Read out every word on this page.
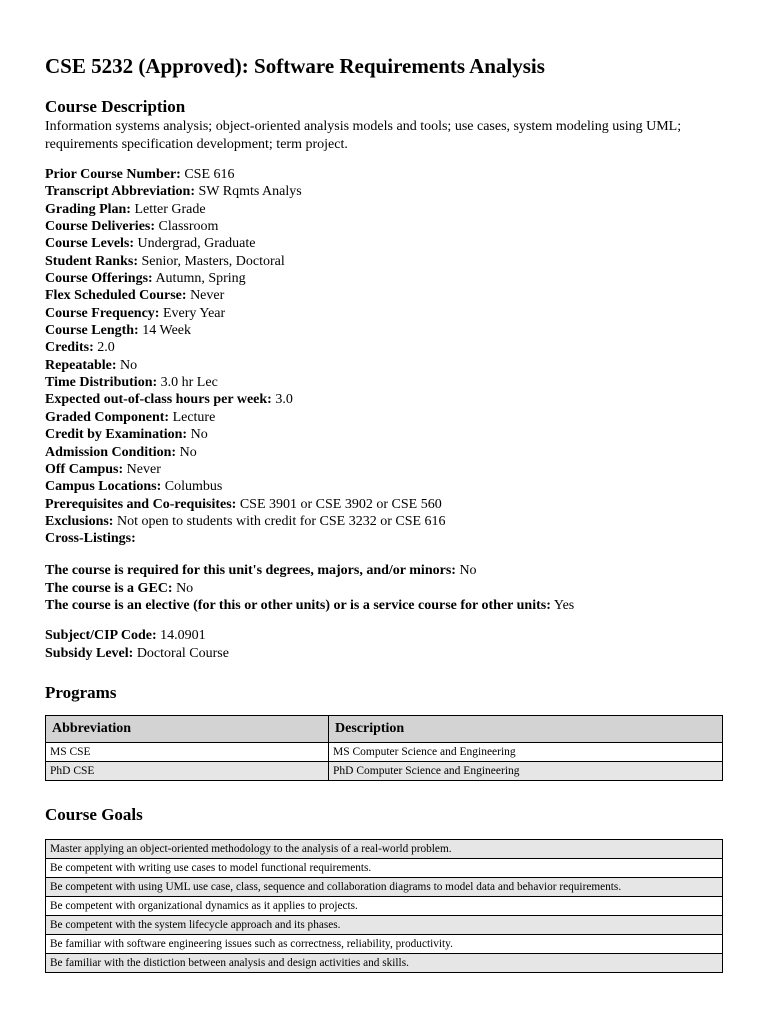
CSE 5232 (Approved): Software Requirements Analysis
Course Description
Information systems analysis; object-oriented analysis models and tools; use cases, system modeling using UML; requirements specification development; term project.
Prior Course Number: CSE 616
Transcript Abbreviation: SW Rqmts Analys
Grading Plan: Letter Grade
Course Deliveries: Classroom
Course Levels: Undergrad, Graduate
Student Ranks: Senior, Masters, Doctoral
Course Offerings: Autumn, Spring
Flex Scheduled Course: Never
Course Frequency: Every Year
Course Length: 14 Week
Credits: 2.0
Repeatable: No
Time Distribution: 3.0 hr Lec
Expected out-of-class hours per week: 3.0
Graded Component: Lecture
Credit by Examination: No
Admission Condition: No
Off Campus: Never
Campus Locations: Columbus
Prerequisites and Co-requisites: CSE 3901 or CSE 3902 or CSE 560
Exclusions: Not open to students with credit for CSE 3232 or CSE 616
Cross-Listings:
The course is required for this unit's degrees, majors, and/or minors: No
The course is a GEC: No
The course is an elective (for this or other units) or is a service course for other units: Yes
Subject/CIP Code: 14.0901
Subsidy Level: Doctoral Course
Programs
Abbreviation	Description
MS CSE	MS Computer Science and Engineering
PhD CSE	PhD Computer Science and Engineering
Course Goals
Master applying an object-oriented methodology to the analysis of a real-world problem.
Be competent with writing use cases to model functional requirements.
Be competent with using UML use case, class, sequence and collaboration diagrams to model data and behavior requirements.
Be competent with organizational dynamics as it applies to projects.
Be competent with the system lifecycle approach and its phases.
Be familiar with software engineering issues such as correctness, reliability, productivity.
Be familiar with the distiction between analysis and design activities and skills.
